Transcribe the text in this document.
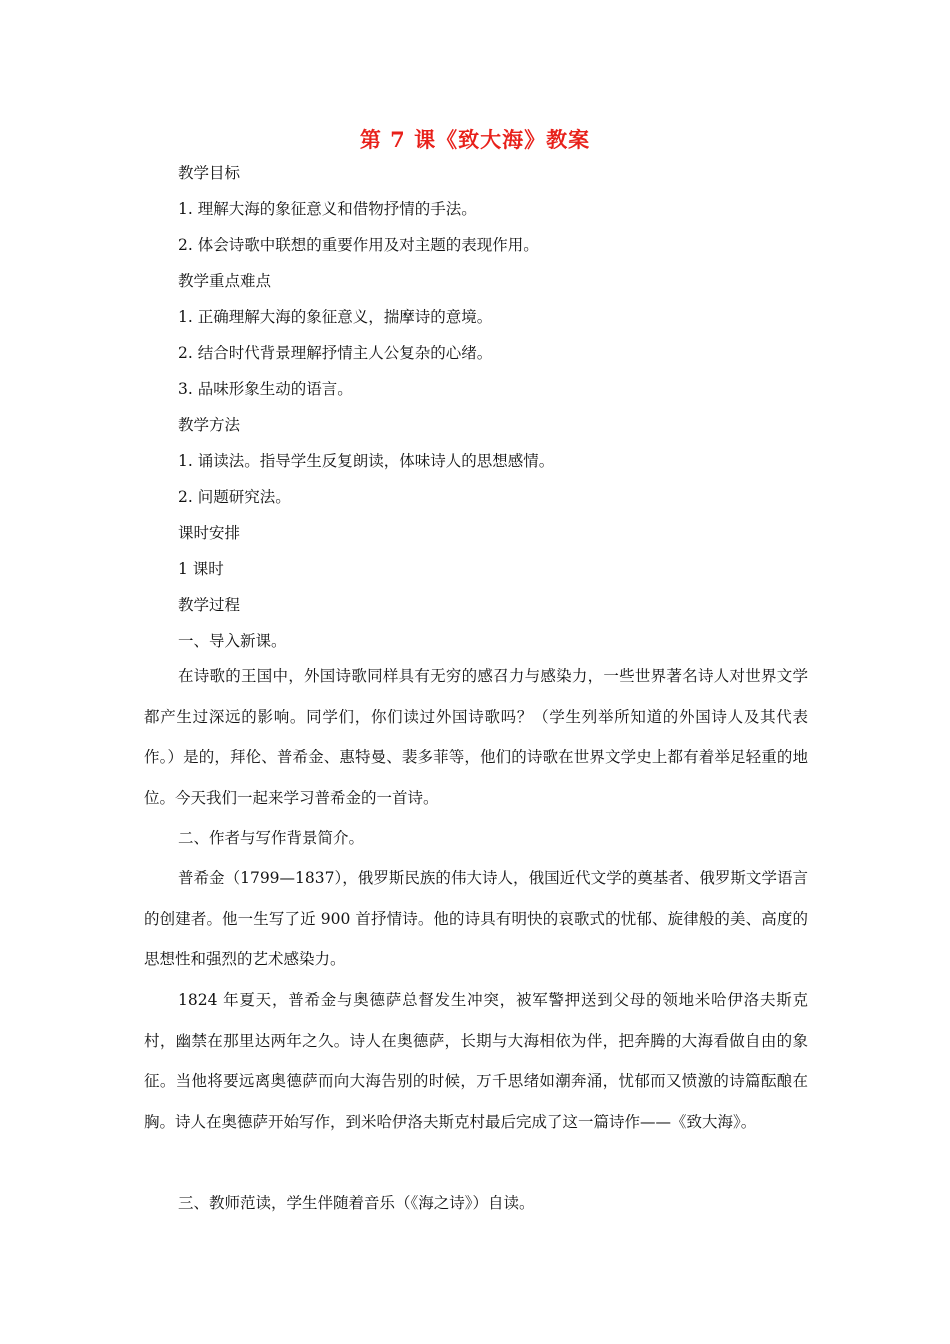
第 7 课《致大海》教案
教学目标
1. 理解大海的象征意义和借物抒情的手法。
2. 体会诗歌中联想的重要作用及对主题的表现作用。
教学重点难点
1. 正确理解大海的象征意义，揣摩诗的意境。
2. 结合时代背景理解抒情主人公复杂的心绪。
3. 品味形象生动的语言。
教学方法
1. 诵读法。指导学生反复朗读，体味诗人的思想感情。
2. 问题研究法。
课时安排
1 课时
教学过程
一、导入新课。
在诗歌的王国中，外国诗歌同样具有无穷的感召力与感染力，一些世界著名诗人对世界文学都产生过深远的影响。同学们，你们读过外国诗歌吗？（学生列举所知道的外国诗人及其代表作。）是的，拜伦、普希金、惠特曼、裴多菲等，他们的诗歌在世界文学史上都有着举足轻重的地位。今天我们一起来学习普希金的一首诗。
二、作者与写作背景简介。
普希金（1799—1837），俄罗斯民族的伟大诗人，俄国近代文学的奠基者、俄罗斯文学语言的创建者。他一生写了近 900 首抒情诗。他的诗具有明快的哀歌式的忧郁、旋律般的美、高度的思想性和强烈的艺术感染力。
1824 年夏天，普希金与奥德萨总督发生冲突，被军警押送到父母的领地米哈伊洛夫斯克村，幽禁在那里达两年之久。诗人在奥德萨，长期与大海相依为伴，把奔腾的大海看做自由的象征。当他将要远离奥德萨而向大海告别的时候，万千思绪如潮奔涌，忧郁而又愤激的诗篇酝酿在胸。诗人在奥德萨开始写作，到米哈伊洛夫斯克村最后完成了这一篇诗作——《致大海》。
三、教师范读，学生伴随着音乐（《海之诗》）自读。
